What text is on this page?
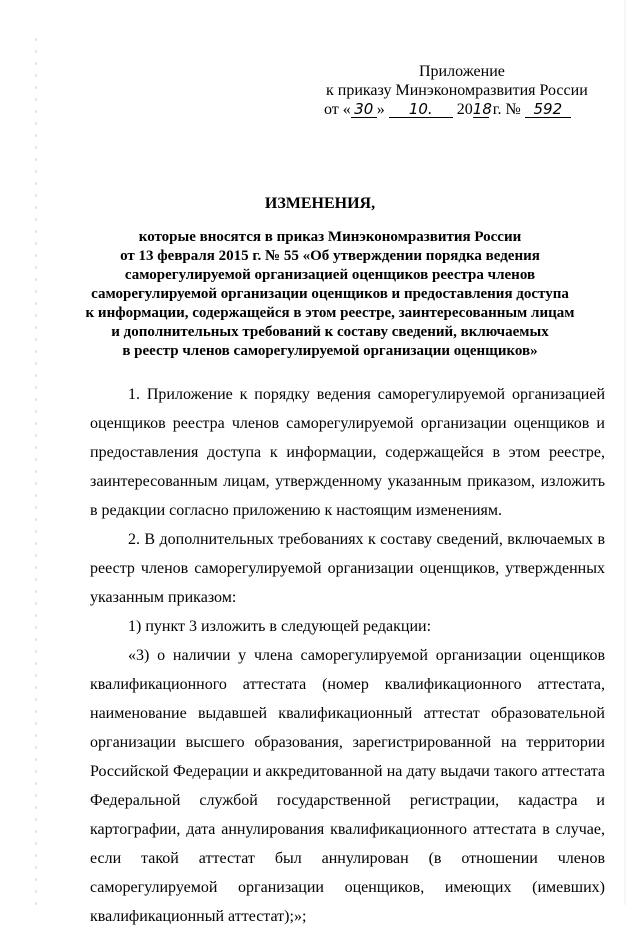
Приложение
к приказу Минэкономразвития России
от « 30 » 10. 2018 г. № 592
ИЗМЕНЕНИЯ,
которые вносятся в приказ Минэкономразвития России
от 13 февраля 2015 г. № 55 «Об утверждении порядка ведения
саморегулируемой организацией оценщиков реестра членов
саморегулируемой организации оценщиков и предоставления доступа
к информации, содержащейся в этом реестре, заинтересованным лицам
и дополнительных требований к составу сведений, включаемых
в реестр членов саморегулируемой организации оценщиков»

1. Приложение к порядку ведения саморегулируемой организацией оценщиков реестра членов саморегулируемой организации оценщиков и предоставления доступа к информации, содержащейся в этом реестре, заинтересованным лицам, утвержденному указанным приказом, изложить в редакции согласно приложению к настоящим изменениям.

2. В дополнительных требованиях к составу сведений, включаемых в реестр членов саморегулируемой организации оценщиков, утвержденных указанным приказом:

1) пункт 3 изложить в следующей редакции:

«3) о наличии у члена саморегулируемой организации оценщиков квалификационного аттестата (номер квалификационного аттестата, наименование выдавшей квалификационный аттестат образовательной организации высшего образования, зарегистрированной на территории Российской Федерации и аккредитованной на дату выдачи такого аттестата Федеральной службой государственной регистрации, кадастра и картографии, дата аннулирования квалификационного аттестата в случае, если такой аттестат был аннулирован (в отношении членов саморегулируемой организации оценщиков, имеющих (имевших) квалификационный аттестат);»;
